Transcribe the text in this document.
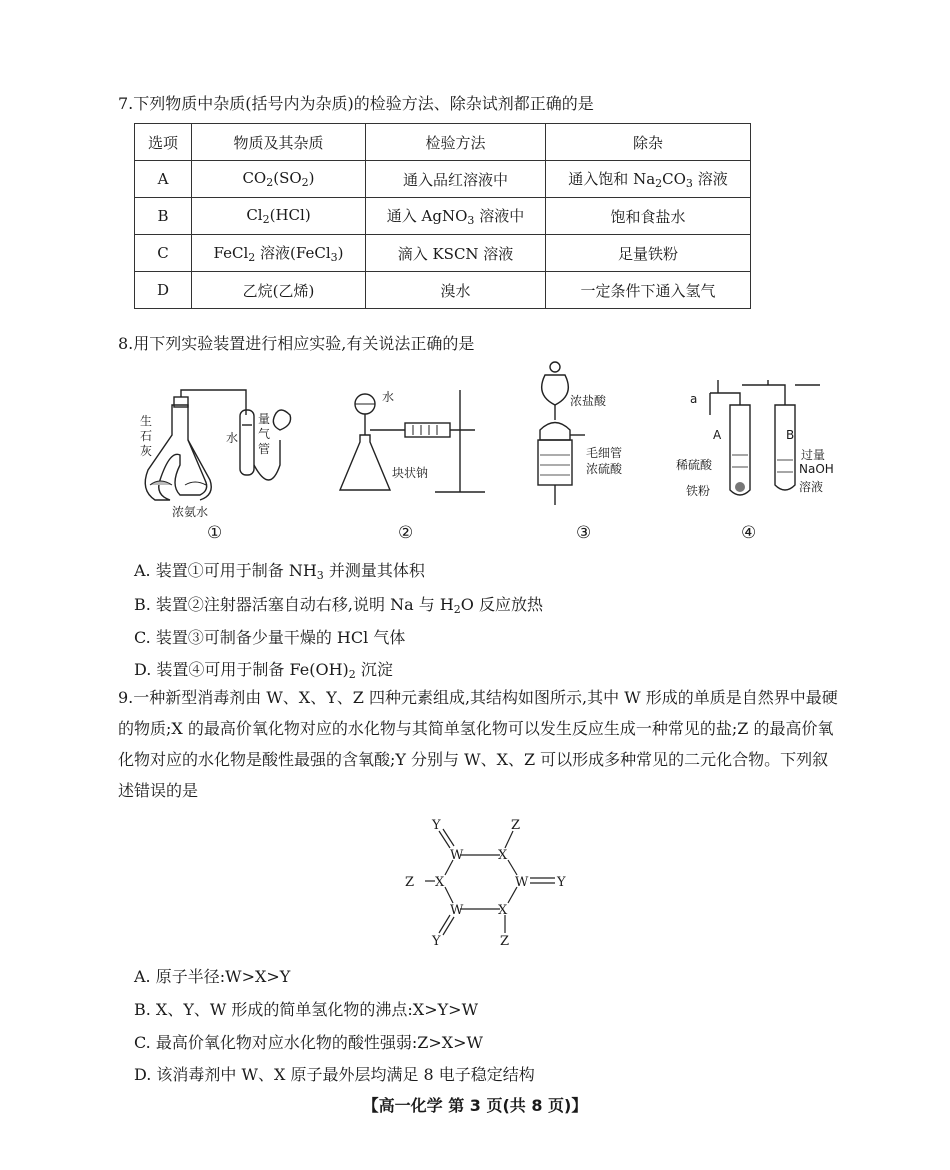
7.下列物质中杂质(括号内为杂质)的检验方法、除杂试剂都正确的是
选项	物质及其杂质	检验方法	除杂
A	$CO_2(SO_2)$	通入品红溶液中	通入饱和 $Na_2CO_3$ 溶液
B	$Cl_2(HCl)$	通入 AgNO$_3$ 溶液中	饱和食盐水
C	FeCl$_2$ 溶液(FeCl$_3$)	滴入 KSCN 溶液	足量铁粉
D	乙烷(乙烯)	溴水	一定条件下通入氢气
8.用下列实验装置进行相应实验,有关说法正确的是
生
石
灰
水
量
气
管
浓氨水
①
水
块状钠
②
浓盐酸
毛细管
浓硫酸
③
a
A	B
稀硫酸
铁粉
过量
NaOH
溶液
④
A. 装置①可用于制备 $NH_3$ 并测量其体积
B. 装置②注射器活塞自动右移,说明 Na 与 $H_2O$ 反应放热
C. 装置③可制备少量干燥的 HCl 气体
D. 装置④可用于制备 $Fe(OH)_2$ 沉淀
9.一种新型消毒剂由 W、X、Y、Z 四种元素组成,其结构如图所示,其中 W 形成的单质是自然界中最硬的物质;X 的最高价氧化物对应的水化物与其简单氢化物可以发生反应生成一种常见的盐;Z 的最高价氧化物对应的水化物是酸性最强的含氧酸;Y 分别与 W、X、Z 可以形成多种常见的二元化合物。下列叙述错误的是
Y	Z
W	X
Z X	W Y
W	X
Y	Z
A. 原子半径:W>X>Y
B. X、Y、W 形成的简单氢化物的沸点:X>Y>W
C. 最高价氧化物对应水化物的酸性强弱:Z>X>W
D. 该消毒剂中 W、X 原子最外层均满足 8 电子稳定结构
【高一化学 第 3 页(共 8 页)】
